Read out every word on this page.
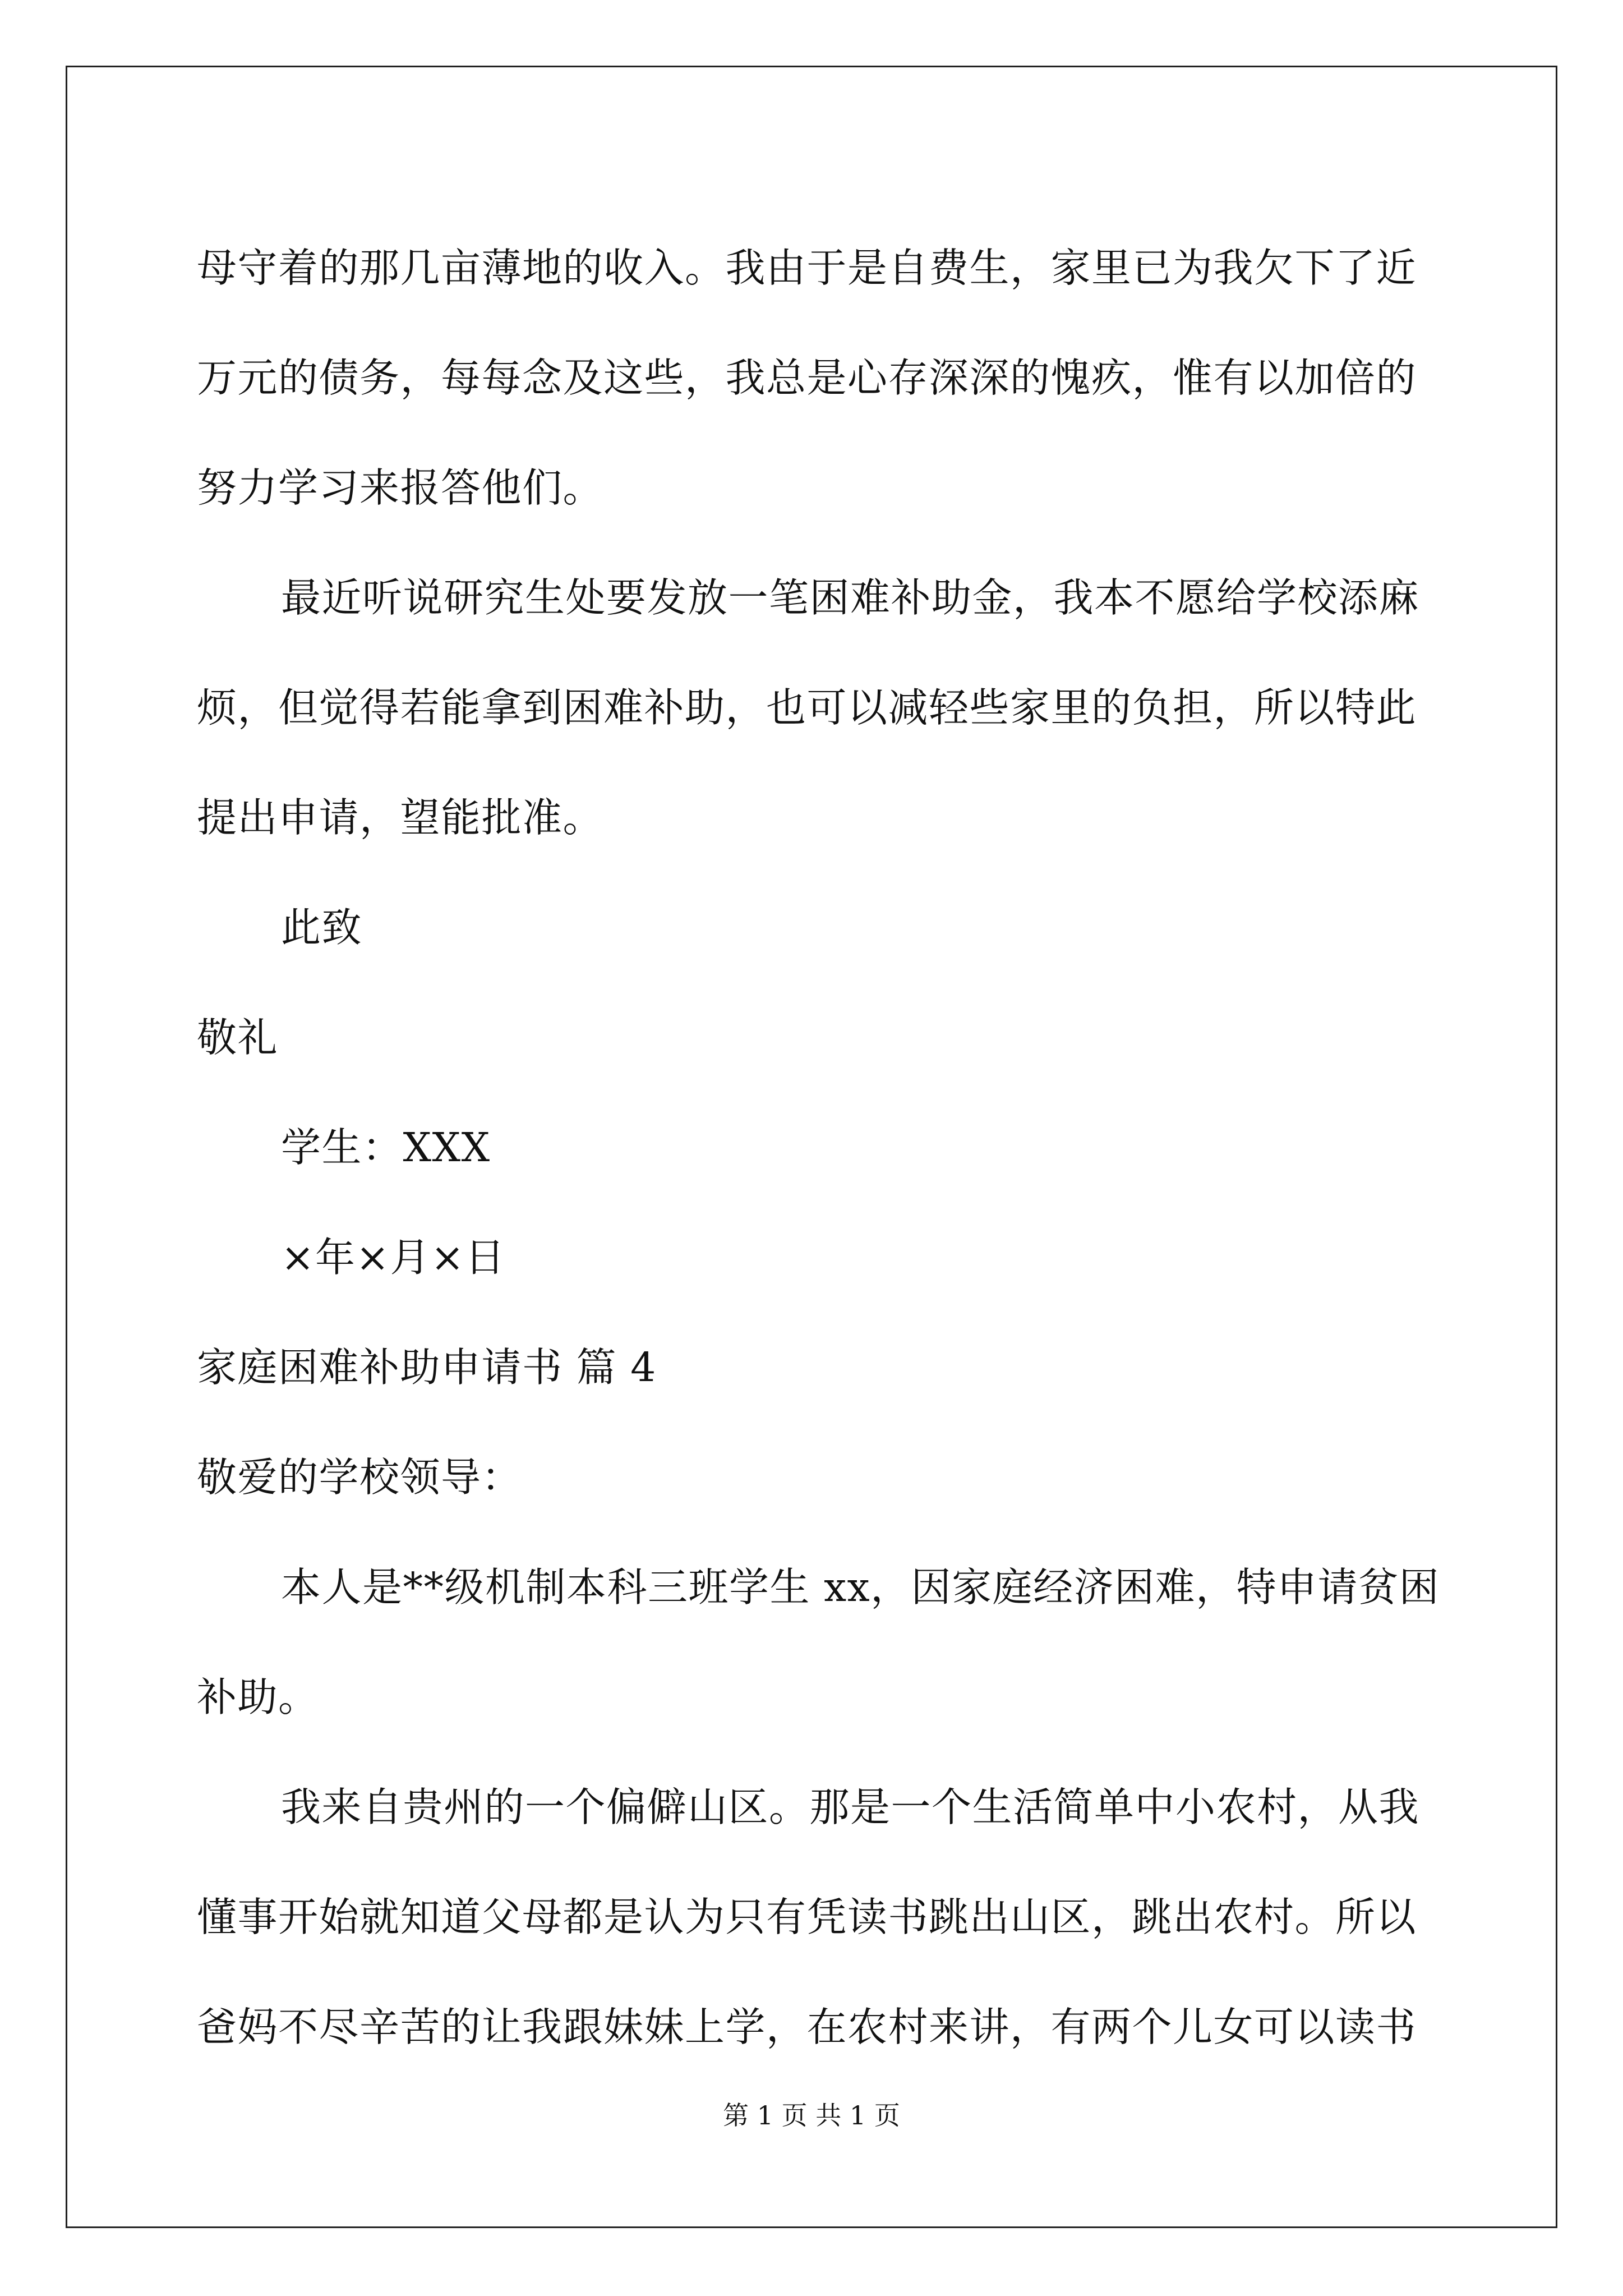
母守着的那几亩薄地的收入。我由于是自费生，家里已为我欠下了近
万元的债务，每每念及这些，我总是心存深深的愧疚，惟有以加倍的
努力学习来报答他们。
最近听说研究生处要发放一笔困难补助金，我本不愿给学校添麻
烦，但觉得若能拿到困难补助，也可以减轻些家里的负担，所以特此
提出申请，望能批准。
此致
敬礼
学生：XXX
×年×月×日
家庭困难补助申请书 篇 4
敬爱的学校领导：
本人是**级机制本科三班学生 xx，因家庭经济困难，特申请贫困
补助。
我来自贵州的一个偏僻山区。那是一个生活简单中小农村，从我
懂事开始就知道父母都是认为只有凭读书跳出山区，跳出农村。所以
爸妈不尽辛苦的让我跟妹妹上学，在农村来讲，有两个儿女可以读书
第 1 页 共 1 页
